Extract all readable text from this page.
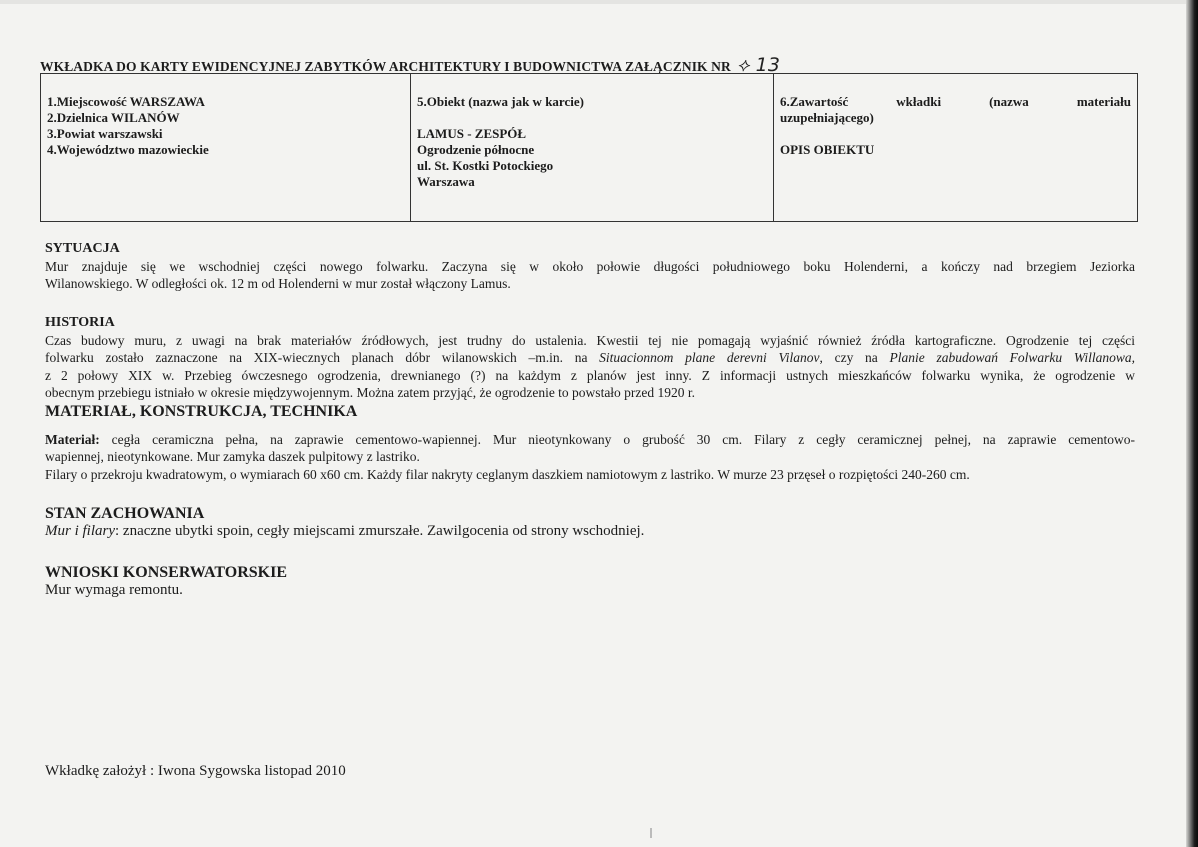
WKŁADKA DO KARTY EWIDENCYJNEJ ZABYTKÓW ARCHITEKTURY I BUDOWNICTWA ZAŁĄCZNIK NR ⟡ 13
1.Miejscowość WARSZAWA
2.Dzielnica WILANÓW
3.Powiat warszawski
4.Województwo mazowieckie

5.Obiekt (nazwa jak w karcie)
LAMUS - ZESPÓŁ
Ogrodzenie północne
ul. St. Kostki Potockiego
Warszawa

6.Zawartość	wkładki	(nazwa	materiału
uzupełniającego)
OPIS OBIEKTU
SYTUACJA

Mur znajduje się we wschodniej części nowego folwarku. Zaczyna się w około połowie długości południowego boku Holenderni, a kończy nad brzegiem Jeziorka

Wilanowskiego. W odległości ok. 12 m od Holenderni w mur został włączony Lamus.

HISTORIA

Czas budowy muru, z uwagi na brak materiałów źródłowych, jest trudny do ustalenia. Kwestii tej nie pomagają wyjaśnić również źródła kartograficzne. Ogrodzenie tej części

folwarku zostało zaznaczone na XIX-wiecznych planach dóbr wilanowskich –m.in. na Situacionnom plane derevni Vilanov, czy na Planie zabudowań Folwarku Willanowa,

z 2 połowy XIX w. Przebieg ówczesnego ogrodzenia, drewnianego (?) na każdym z planów jest inny. Z informacji ustnych mieszkańców folwarku wynika, że ogrodzenie w

obecnym przebiegu istniało w okresie międzywojennym. Można zatem przyjąć, że ogrodzenie to powstało przed 1920 r.

MATERIAŁ, KONSTRUKCJA, TECHNIKA

Materiał: cegła ceramiczna pełna, na zaprawie cementowo-wapiennej. Mur nieotynkowany o grubość 30 cm. Filary z cegły ceramicznej pełnej, na zaprawie cementowo-

wapiennej, nieotynkowane. Mur zamyka daszek pulpitowy z lastriko.

Filary o przekroju kwadratowym, o wymiarach 60 x60 cm. Każdy filar nakryty ceglanym daszkiem namiotowym z lastriko. W murze 23 przęseł o rozpiętości 240-260 cm.

STAN ZACHOWANIA

Mur i filary: znaczne ubytki spoin, cegły miejscami zmurszałe. Zawilgocenia od strony wschodniej.

WNIOSKI KONSERWATORSKIE

Mur wymaga remontu.

Wkładkę założył : Iwona Sygowska listopad 2010
